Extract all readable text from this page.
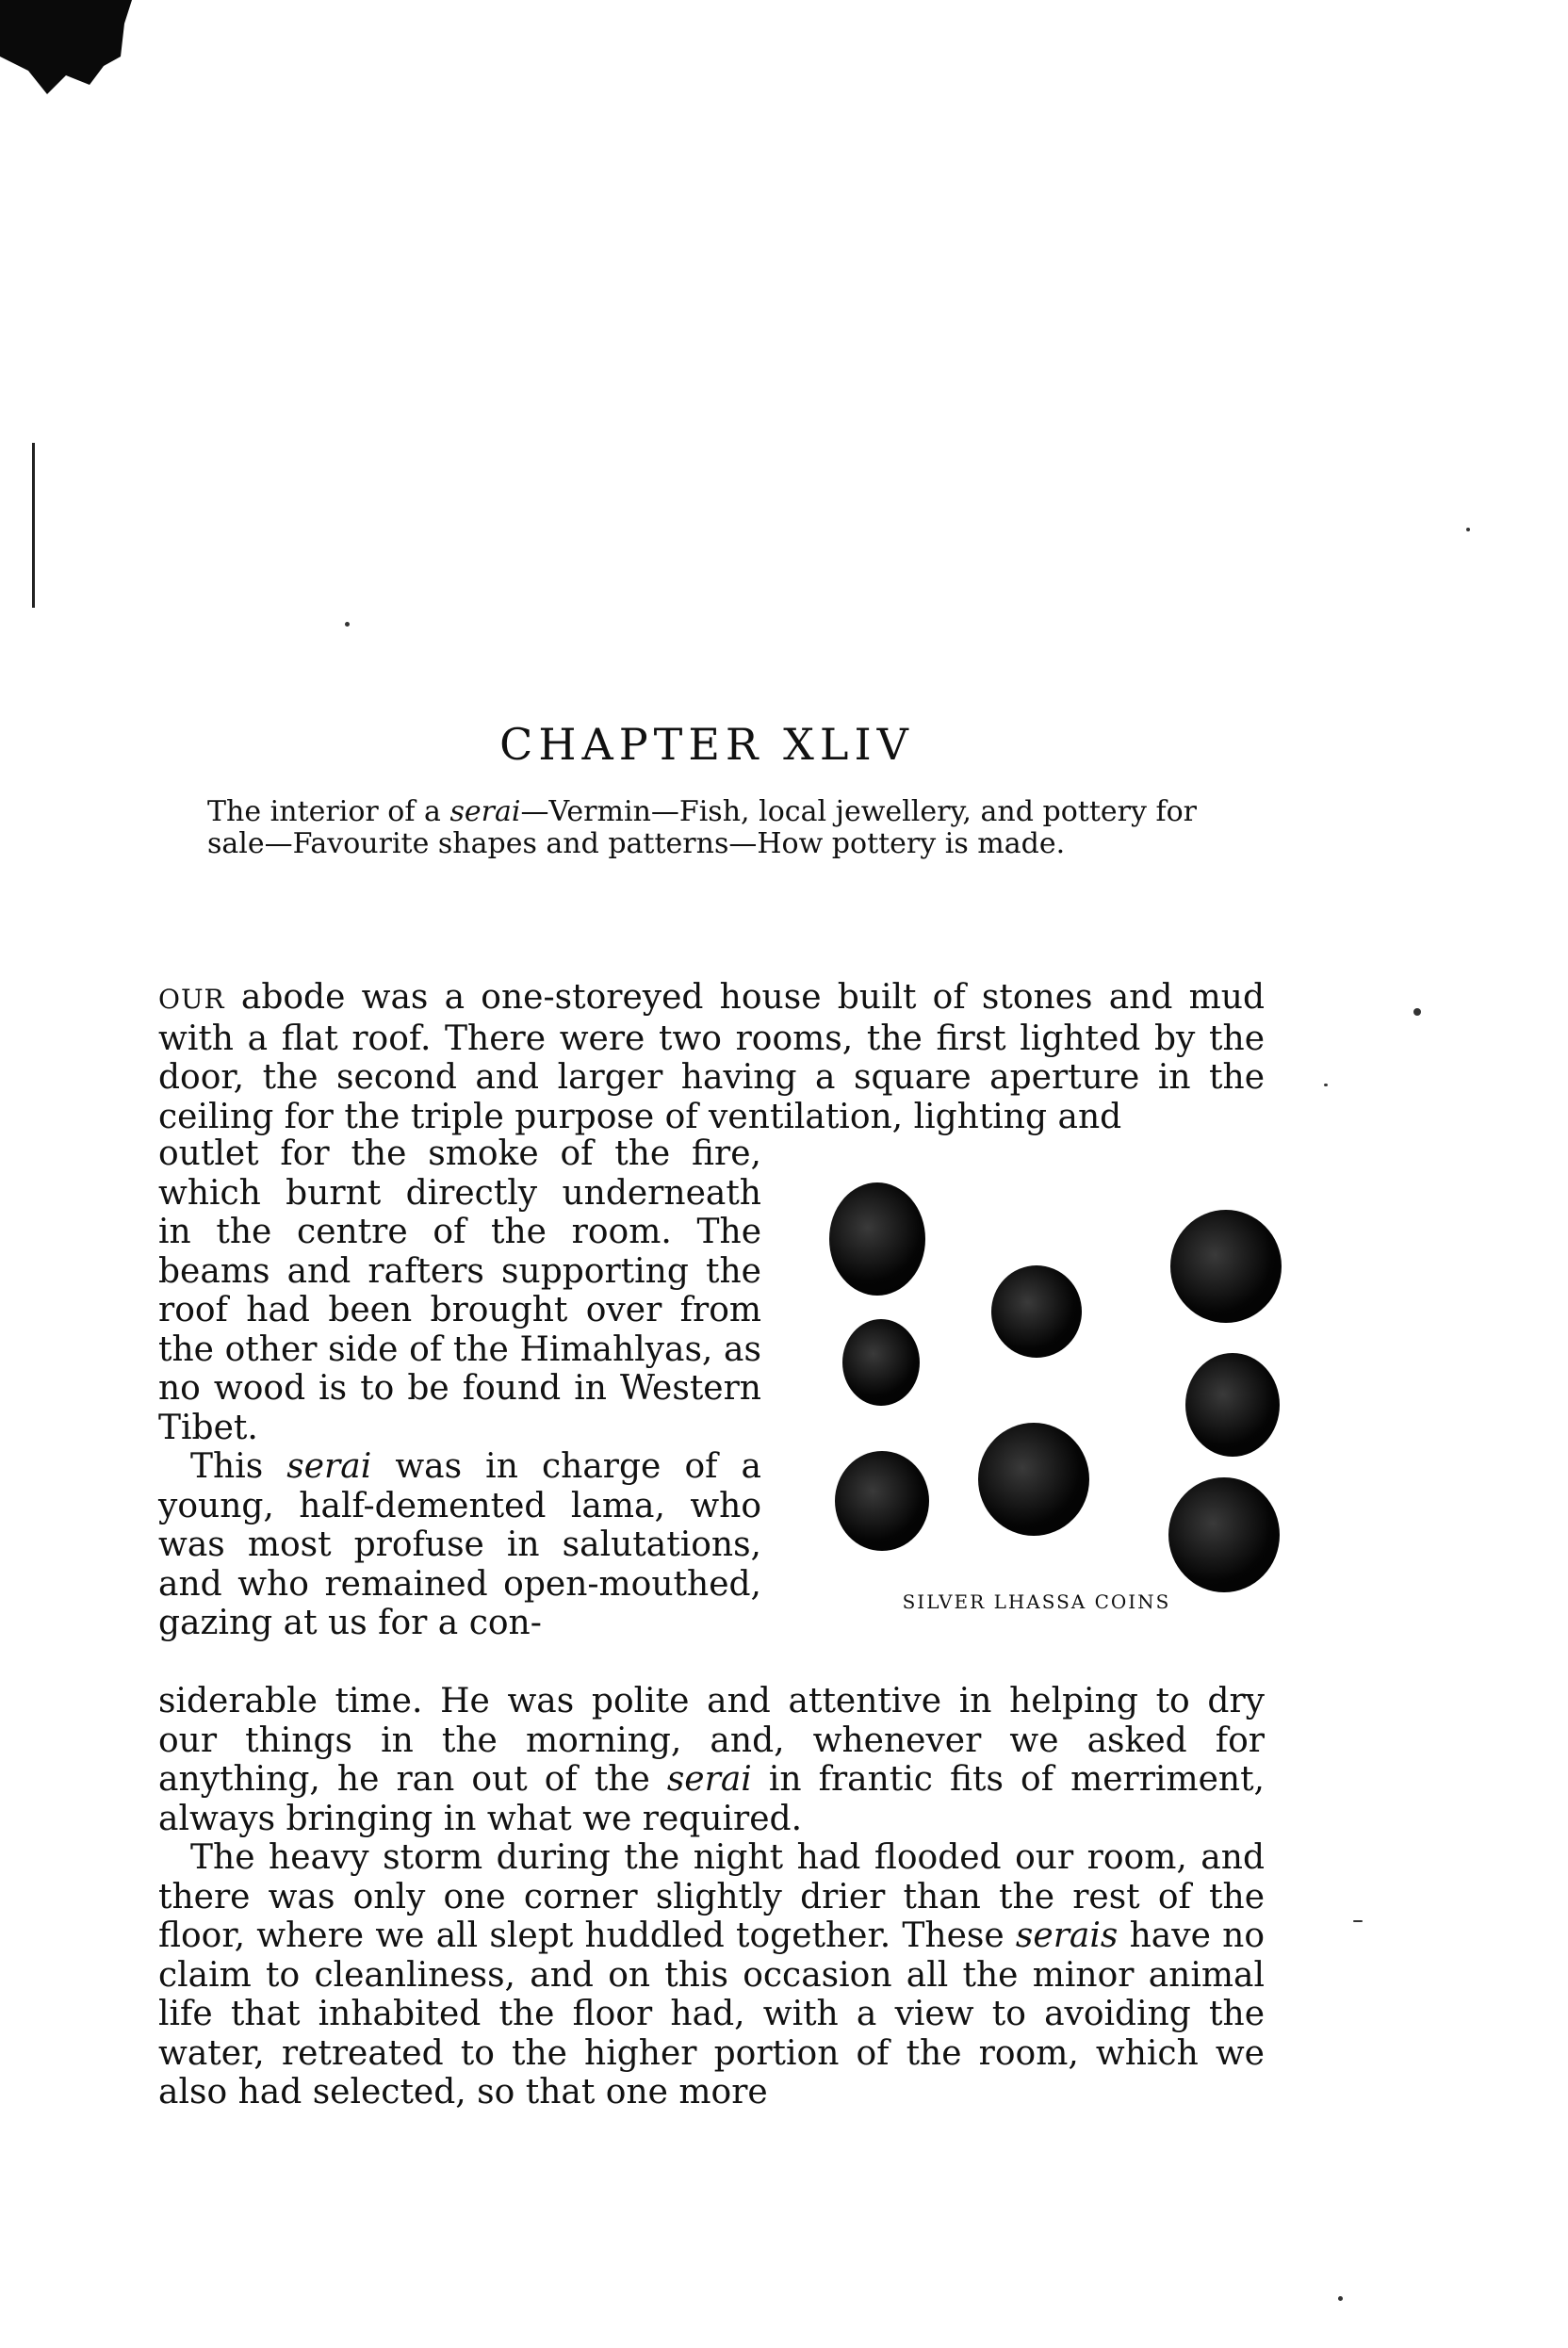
CHAPTER XLIV

The interior of a serai—Vermin—Fish, local jewellery, and pottery for sale—Favourite shapes and patterns—How pottery is made.

OUR abode was a one-storeyed house built of stones and mud with a flat roof. There were two rooms, the first lighted by the door, the second and larger having a square aperture in the ceiling for the triple purpose of ventilation, lighting and

outlet for the smoke of the fire, which burnt directly underneath in the centre of the room. The beams and rafters supporting the roof had been brought over from the other side of the Himahlyas, as no wood is to be found in Western Tibet.

This serai was in charge of a young, half-demented lama, who was most profuse in salutations, and who remained open-mouthed, gazing at us for a con-

siderable time. He was polite and attentive in helping to dry our things in the morning, and, whenever we asked for anything, he ran out of the serai in frantic fits of merriment, always bringing in what we required.

The heavy storm during the night had flooded our room, and there was only one corner slightly drier than the rest of the floor, where we all slept huddled together. These serais have no claim to cleanliness, and on this occasion all the minor animal life that inhabited the floor had, with a view to avoiding the water, retreated to the higher portion of the room, which we also had selected, so that one more

SILVER LHASSA COINS
